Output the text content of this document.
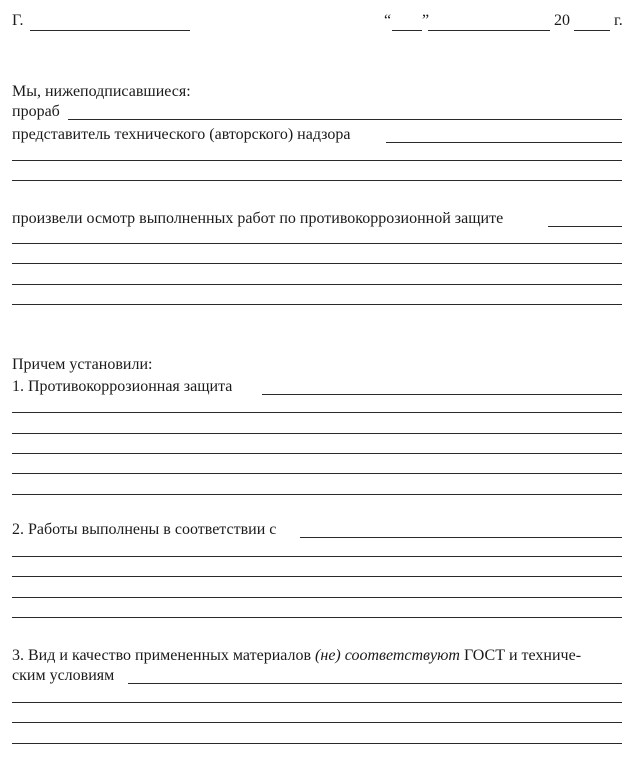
Г.	“ ”	20	г.
Мы, нижеподписавшиеся:
прораб
представитель технического (авторского) надзора
произвели осмотр выполненных работ по противокоррозионной защите
Причем установили:
1. Противокоррозионная защита
2. Работы выполнены в соответствии с
3. Вид и качество примененных материалов (не) соответствуют ГОСТ и техниче-
ским условиям
